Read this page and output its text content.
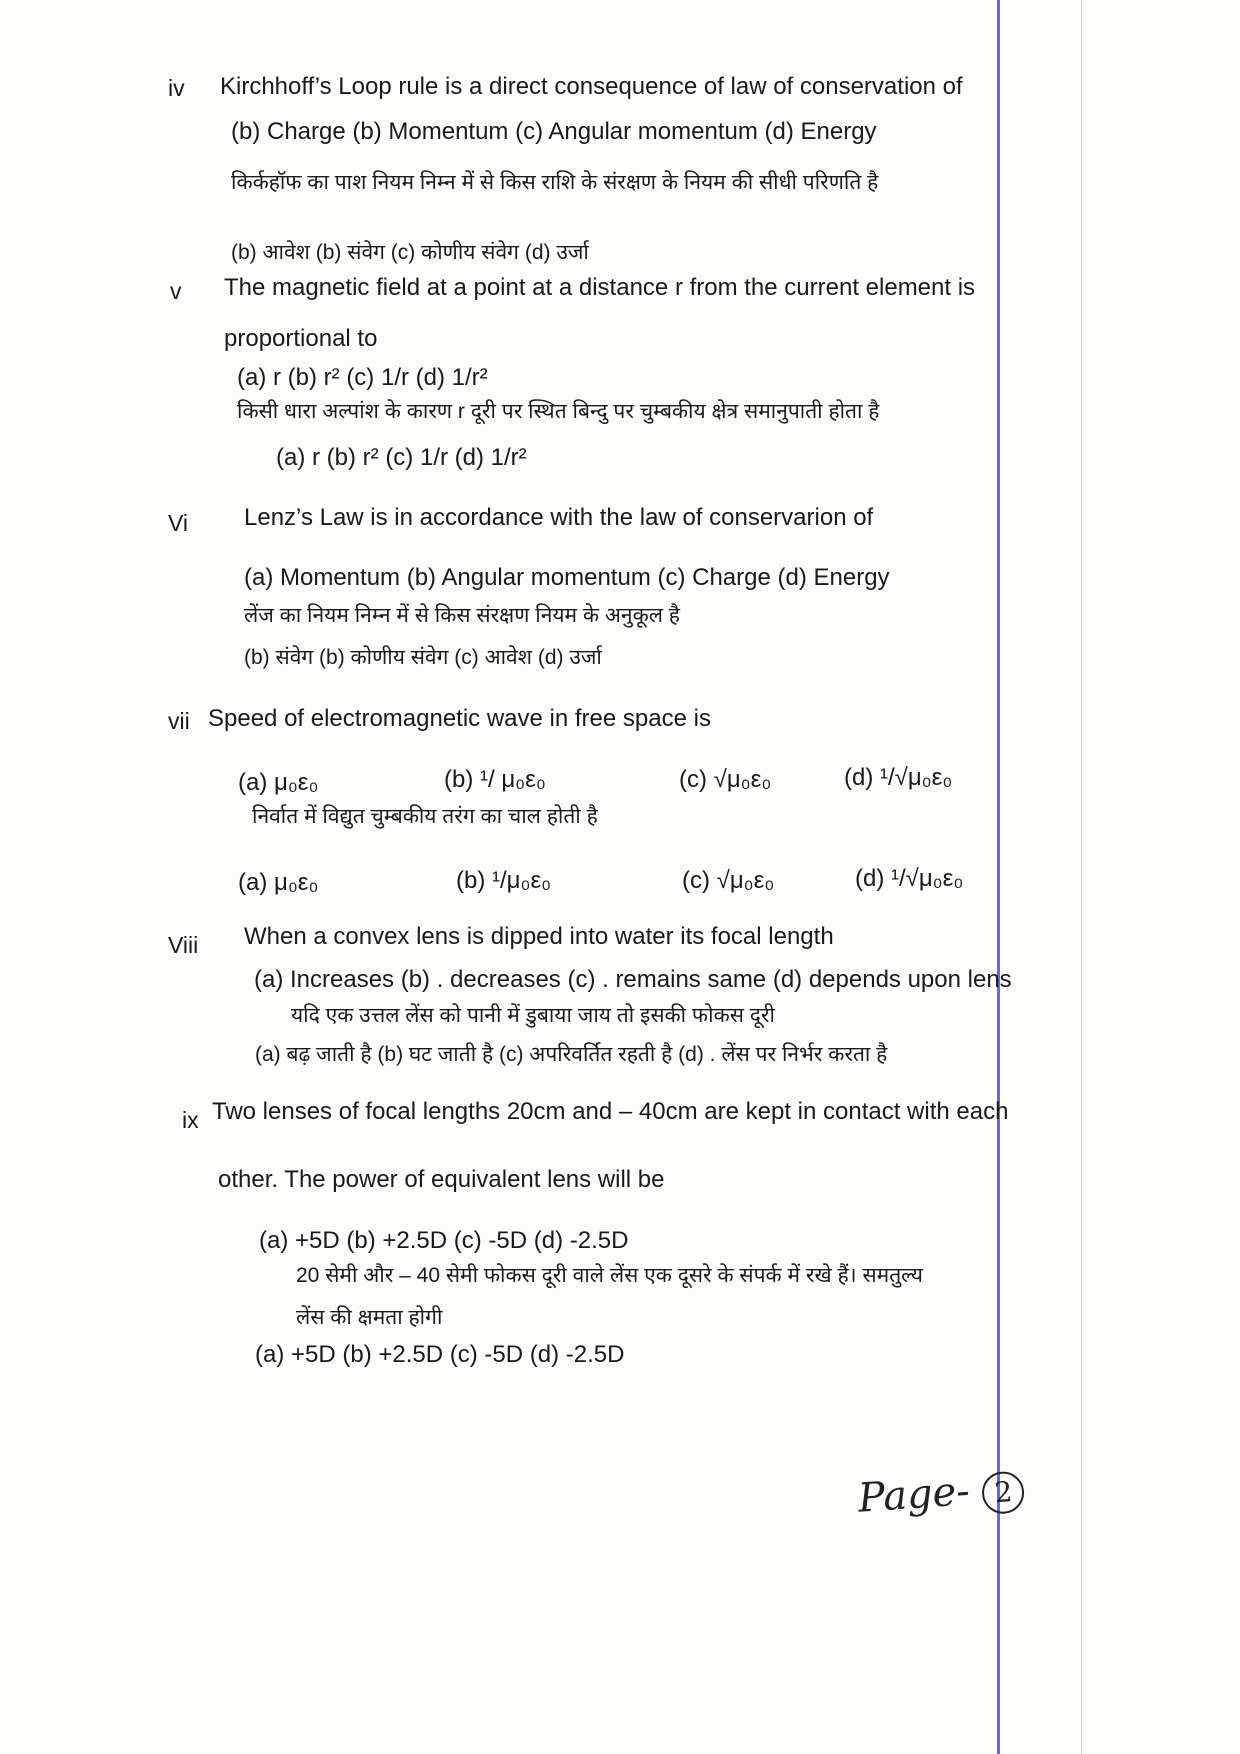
iv Kirchhoff’s Loop rule is a direct consequence of law of conservation of
(b) Charge (b) Momentum (c) Angular momentum (d) Energy
किर्कहॉफ का पाश नियम निम्न में से किस राशि के संरक्षण के नियम की सीधी परिणति है
(b) आवेश (b) संवेग (c) कोणीय संवेग (d) उर्जा
v The magnetic field at a point at a distance r from the current element is
proportional to
(a) r (b) r² (c) 1/r (d) 1/r²
किसी धारा अल्पांश के कारण r दूरी पर स्थित बिन्दु पर चुम्बकीय क्षेत्र समानुपाती होता है
(a) r (b) r² (c) 1/r (d) 1/r²
Vi Lenz’s Law is in accordance with the law of conservarion of
(a) Momentum (b) Angular momentum (c) Charge (d) Energy
लेंज का नियम निम्न में से किस संरक्षण नियम के अनुकूल है
(b) संवेग (b) कोणीय संवेग (c) आवेश (d) उर्जा
vii Speed of electromagnetic wave in free space is
(a) μ₀ε₀	(b) ¹/ μ₀ε₀	(c) √μ₀ε₀	(d) ¹/√μ₀ε₀
निर्वात में विद्युत चुम्बकीय तरंग का चाल होती है
(a) μ₀ε₀	(b) ¹/μ₀ε₀	(c) √μ₀ε₀	(d) ¹/√μ₀ε₀
Viii When a convex lens is dipped into water its focal length
(a) Increases (b) . decreases (c) . remains same (d) depends upon lens
यदि एक उत्तल लेंस को पानी में डुबाया जाय तो इसकी फोकस दूरी
(a) बढ़ जाती है (b) घट जाती है (c) अपरिवर्तित रहती है (d) . लेंस पर निर्भर करता है
ix Two lenses of focal lengths 20cm and – 40cm are kept in contact with each
other. The power of equivalent lens will be
(a) +5D (b) +2.5D (c) -5D (d) -2.5D
20 सेमी और – 40 सेमी फोकस दूरी वाले लेंस एक दूसरे के संपर्क में रखे हैं। समतुल्य
लेंस की क्षमता होगी
(a) +5D (b) +2.5D (c) -5D (d) -2.5D
Page- 2
